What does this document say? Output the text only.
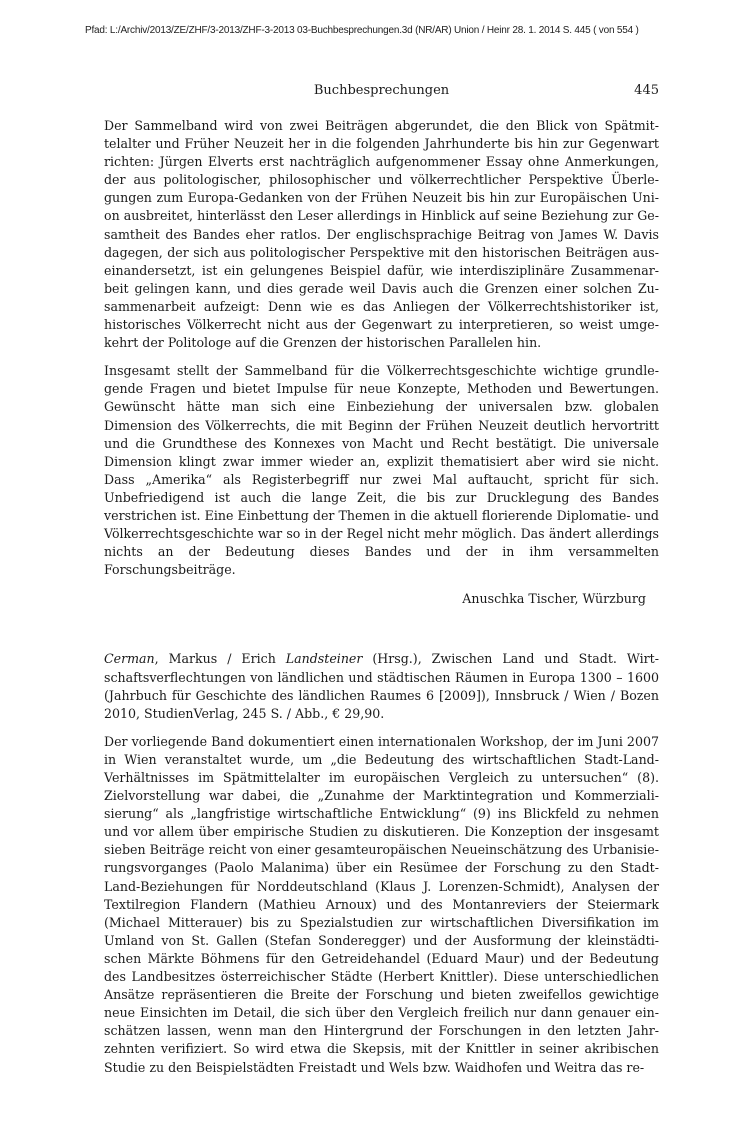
Pfad: L:/Archiv/2013/ZE/ZHF/3-2013/ZHF-3-2013 03-Buchbesprechungen.3d (NR/AR) Union / Heinr 28. 1. 2014 S. 445 ( von 554 )
Buchbesprechungen	445

Der Sammelband wird von zwei Beiträgen abgerundet, die den Blick von Spätmittelalter und Früher Neuzeit her in die folgenden Jahrhunderte bis hin zur Gegenwart richten: Jürgen Elverts erst nachträglich aufgenommener Essay ohne Anmerkungen, der aus politologischer, philosophischer und völkerrechtlicher Perspektive Überlegungen zum Europa-Gedanken von der Frühen Neuzeit bis hin zur Europäischen Union ausbreitet, hinterlässt den Leser allerdings in Hinblick auf seine Beziehung zur Gesamtheit des Bandes eher ratlos. Der englischsprachige Beitrag von James W. Davis dagegen, der sich aus politologischer Perspektive mit den historischen Beiträgen auseinandersetzt, ist ein gelungenes Beispiel dafür, wie interdisziplinäre Zusammenarbeit gelingen kann, und dies gerade weil Davis auch die Grenzen einer solchen Zusammenarbeit aufzeigt: Denn wie es das Anliegen der Völkerrechtshistoriker ist, historisches Völkerrecht nicht aus der Gegenwart zu interpretieren, so weist umgekehrt der Politologe auf die Grenzen der historischen Parallelen hin.

Insgesamt stellt der Sammelband für die Völkerrechtsgeschichte wichtige grundlegende Fragen und bietet Impulse für neue Konzepte, Methoden und Bewertungen. Gewünscht hätte man sich eine Einbeziehung der universalen bzw. globalen Dimension des Völkerrechts, die mit Beginn der Frühen Neuzeit deutlich hervortritt und die Grundthese des Konnexes von Macht und Recht bestätigt. Die universale Dimension klingt zwar immer wieder an, explizit thematisiert aber wird sie nicht. Dass „Amerika“ als Registerbegriff nur zwei Mal auftaucht, spricht für sich. Unbefriedigend ist auch die lange Zeit, die bis zur Drucklegung des Bandes verstrichen ist. Eine Einbettung der Themen in die aktuell florierende Diplomatie- und Völkerrechtsgeschichte war so in der Regel nicht mehr möglich. Das ändert allerdings nichts an der Bedeutung dieses Bandes und der in ihm versammelten Forschungsbeiträge.

Anuschka Tischer, Würzburg

Cerman, Markus / Erich Landsteiner (Hrsg.), Zwischen Land und Stadt. Wirtschaftsverflechtungen von ländlichen und städtischen Räumen in Europa 1300 – 1600 (Jahrbuch für Geschichte des ländlichen Raumes 6 [2009]), Innsbruck / Wien / Bozen 2010, StudienVerlag, 245 S. / Abb., € 29,90.

Der vorliegende Band dokumentiert einen internationalen Workshop, der im Juni 2007 in Wien veranstaltet wurde, um „die Bedeutung des wirtschaftlichen Stadt-Land-Verhältnisses im Spätmittelalter im europäischen Vergleich zu untersuchen“ (8). Zielvorstellung war dabei, die „Zunahme der Marktintegration und Kommerzialisierung“ als „langfristige wirtschaftliche Entwicklung“ (9) ins Blickfeld zu nehmen und vor allem über empirische Studien zu diskutieren. Die Konzeption der insgesamt sieben Beiträge reicht von einer gesamteuropäischen Neueinschätzung des Urbanisierungsvorganges (Paolo Malanima) über ein Resümee der Forschung zu den Stadt-Land-Beziehungen für Norddeutschland (Klaus J. Lorenzen-Schmidt), Analysen der Textilregion Flandern (Mathieu Arnoux) und des Montanreviers der Steiermark (Michael Mitterauer) bis zu Spezialstudien zur wirtschaftlichen Diversifikation im Umland von St. Gallen (Stefan Sonderegger) und der Ausformung der kleinstädtischen Märkte Böhmens für den Getreidehandel (Eduard Maur) und der Bedeutung des Landbesitzes österreichischer Städte (Herbert Knittler). Diese unterschiedlichen Ansätze repräsentieren die Breite der Forschung und bieten zweifellos gewichtige neue Einsichten im Detail, die sich über den Vergleich freilich nur dann genauer einschätzen lassen, wenn man den Hintergrund der Forschungen in den letzten Jahrzehnten verifiziert. So wird etwa die Skepsis, mit der Knittler in seiner akribischen Studie zu den Beispielstädten Freistadt und Wels bzw. Waidhofen und Weitra das re-
